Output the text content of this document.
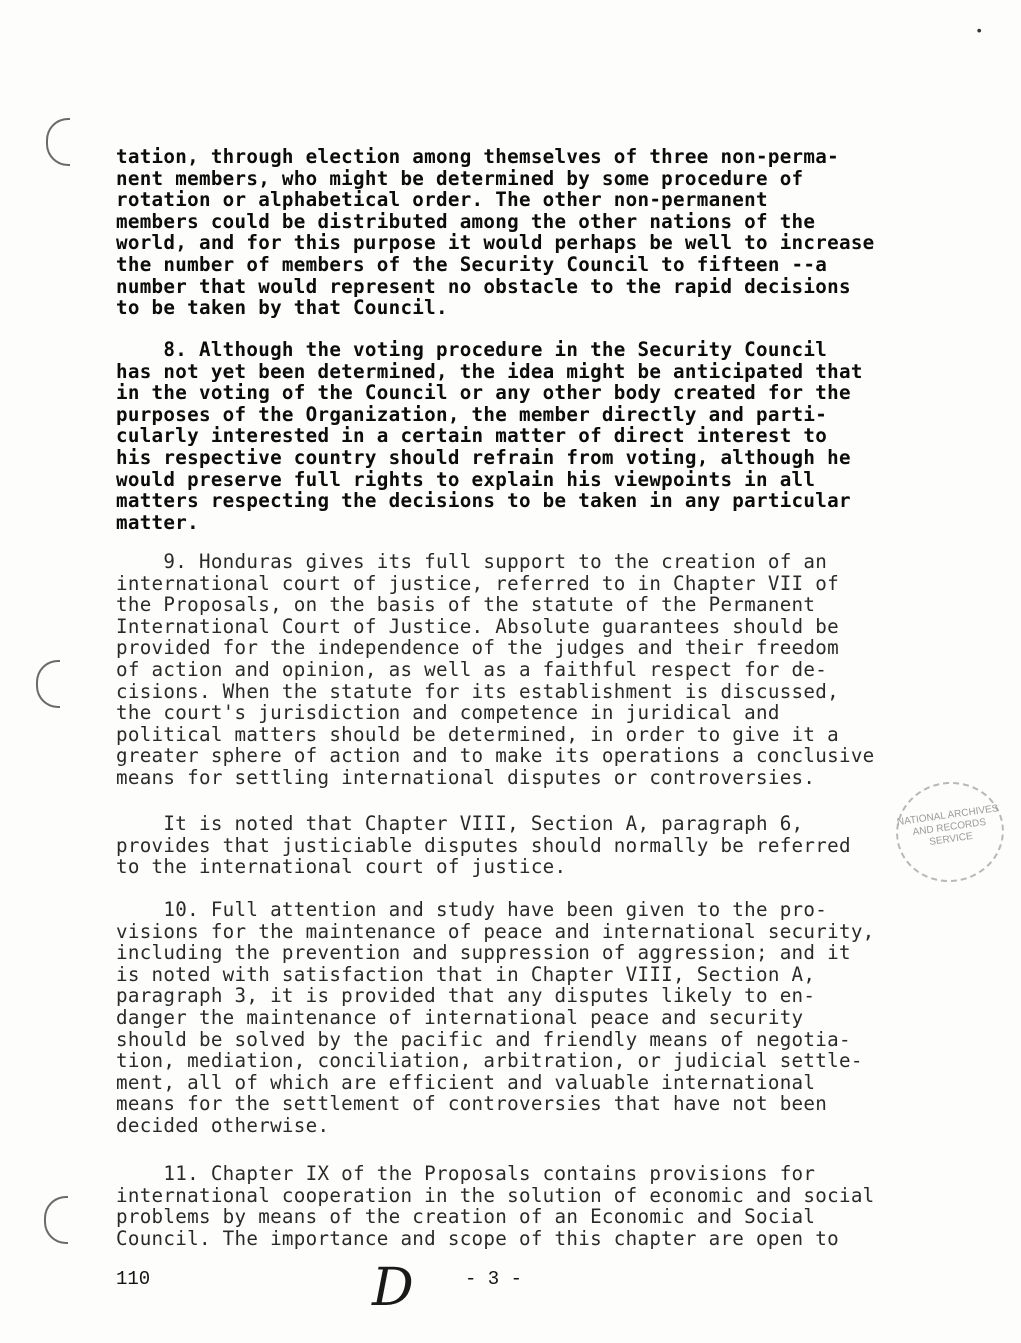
•
tation, through election among themselves of three non-perma-
nent members, who might be determined by some procedure of
rotation or alphabetical order. The other non-permanent
members could be distributed among the other nations of the
world, and for this purpose it would perhaps be well to increase
the number of members of the Security Council to fifteen --a
number that would represent no obstacle to the rapid decisions
to be taken by that Council.
8. Although the voting procedure in the Security Council
has not yet been determined, the idea might be anticipated that
in the voting of the Council or any other body created for the
purposes of the Organization, the member directly and parti-
cularly interested in a certain matter of direct interest to
his respective country should refrain from voting, although he
would preserve full rights to explain his viewpoints in all
matters respecting the decisions to be taken in any particular
matter.
9. Honduras gives its full support to the creation of an
international court of justice, referred to in Chapter VII of
the Proposals, on the basis of the statute of the Permanent
International Court of Justice. Absolute guarantees should be
provided for the independence of the judges and their freedom
of action and opinion, as well as a faithful respect for de-
cisions. When the statute for its establishment is discussed,
the court's jurisdiction and competence in juridical and
political matters should be determined, in order to give it a
greater sphere of action and to make its operations a conclusive
means for settling international disputes or controversies.
It is noted that Chapter VIII, Section A, paragraph 6,
provides that justiciable disputes should normally be referred
to the international court of justice.
10. Full attention and study have been given to the pro-
visions for the maintenance of peace and international security,
including the prevention and suppression of aggression; and it
is noted with satisfaction that in Chapter VIII, Section A,
paragraph 3, it is provided that any disputes likely to en-
danger the maintenance of international peace and security
should be solved by the pacific and friendly means of negotia-
tion, mediation, conciliation, arbitration, or judicial settle-
ment, all of which are efficient and valuable international
means for the settlement of controversies that have not been
decided otherwise.
11. Chapter IX of the Proposals contains provisions for
international cooperation in the solution of economic and social
problems by means of the creation of an Economic and Social
Council. The importance and scope of this chapter are open to
NATIONAL ARCHIVES AND RECORDS SERVICE
110	D	- 3 -
